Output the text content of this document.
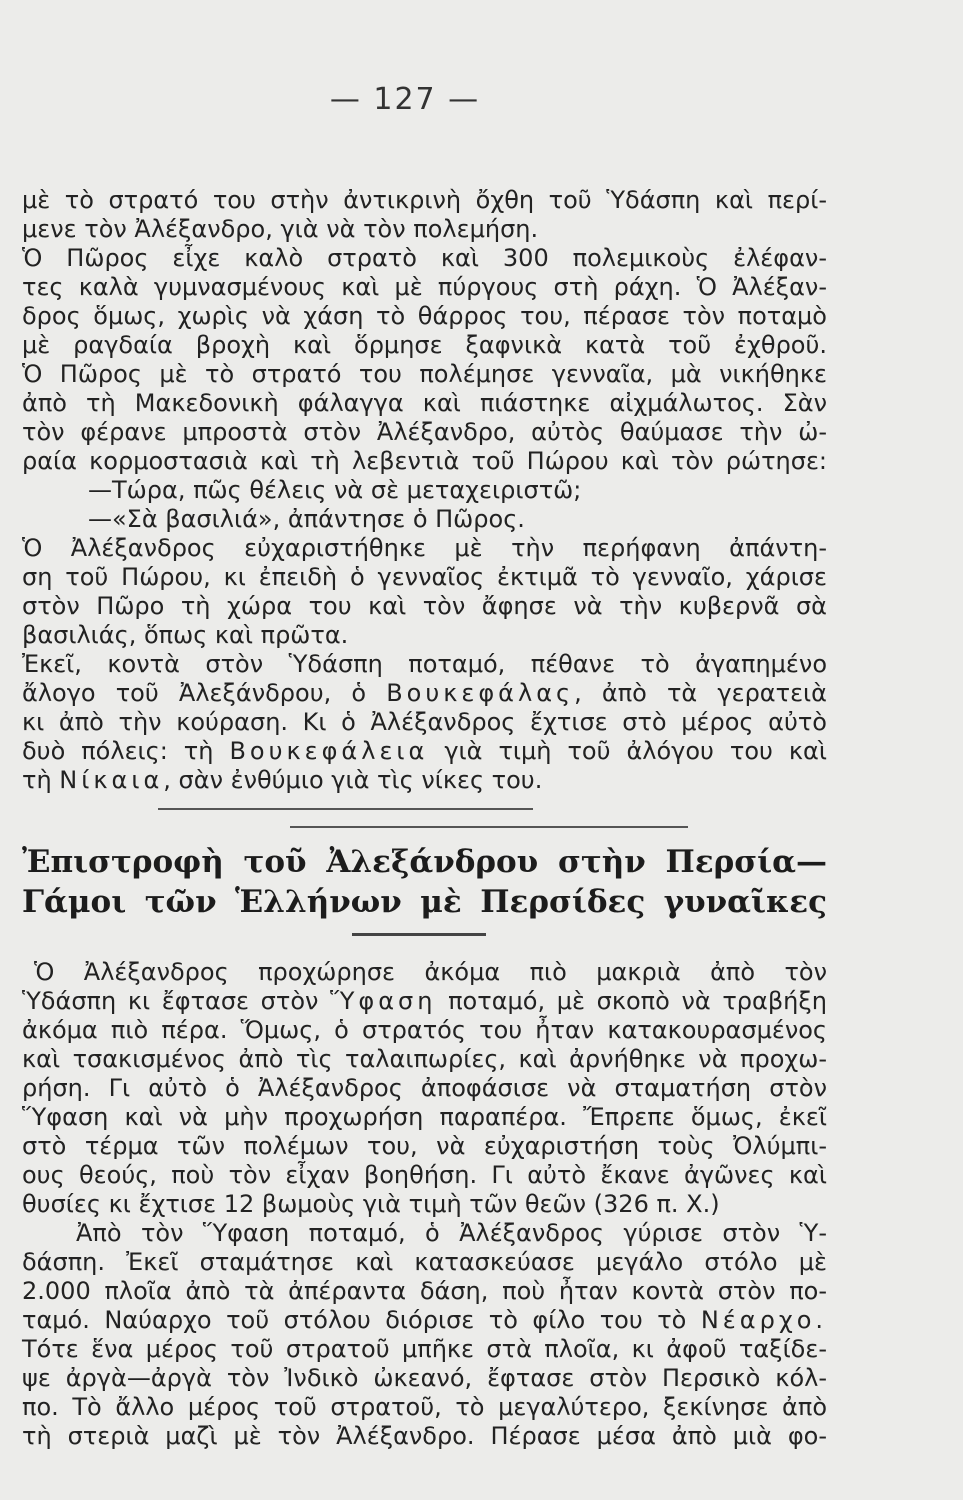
— 127 —
μὲ τὸ στρατό του στὴν ἀντικρινὴ ὄχθη τοῦ Ὑδάσπη καὶ περί-
μενε τὸν Ἀλέξανδρο, γιὰ νὰ τὸν πολεμήση.
Ὁ Πῶρος εἶχε καλὸ στρατὸ καὶ 300 πολεμικοὺς ἐλέφαν-
τες καλὰ γυμνασμένους καὶ μὲ πύργους στὴ ράχη. Ὁ Ἀλέξαν-
δρος ὅμως, χωρὶς νὰ χάση τὸ θάρρος του, πέρασε τὸν ποταμὸ
μὲ ραγδαία βροχὴ καὶ ὅρμησε ξαφνικὰ κατὰ τοῦ ἐχθροῦ.
Ὁ Πῶρος μὲ τὸ στρατό του πολέμησε γενναῖα, μὰ νικήθηκε
ἀπὸ τὴ Μακεδονικὴ φάλαγγα καὶ πιάστηκε αἰχμάλωτος. Σὰν
τὸν φέρανε μπροστὰ στὸν Ἀλέξανδρο, αὐτὸς θαύμασε τὴν ὠ-
ραία κορμοστασιὰ καὶ τὴ λεβεντιὰ τοῦ Πώρου καὶ τὸν ρώτησε:
—Τώρα, πῶς θέλεις νὰ σὲ μεταχειριστῶ;
—«Σὰ βασιλιά», ἀπάντησε ὁ Πῶρος.
Ὁ Ἀλέξανδρος εὐχαριστήθηκε μὲ τὴν περήφανη ἀπάντη-
ση τοῦ Πώρου, κι ἐπειδὴ ὁ γενναῖος ἐκτιμᾶ τὸ γενναῖο, χάρισε
στὸν Πῶρο τὴ χώρα του καὶ τὸν ἄφησε νὰ τὴν κυβερνᾶ σὰ
βασιλιάς, ὅπως καὶ πρῶτα.
Ἐκεῖ, κοντὰ στὸν Ὑδάσπη ποταμό, πέθανε τὸ ἀγαπημένο
ἄλογο τοῦ Ἀλεξάνδρου, ὁ Βουκεφάλας, ἀπὸ τὰ γερατειὰ
κι ἀπὸ τὴν κούραση. Κι ὁ Ἀλέξανδρος ἔχτισε στὸ μέρος αὐτὸ
δυὸ πόλεις: τὴ Βουκεφάλεια γιὰ τιμὴ τοῦ ἀλόγου του καὶ
τὴ Νίκαια, σὰν ἐνθύμιο γιὰ τὶς νίκες του.
Ἐπιστροφὴ τοῦ Ἀλεξάνδρου στὴν Περσία—
Γάμοι τῶν Ἑλλήνων μὲ Περσίδες γυναῖκες
Ὁ Ἀλέξανδρος προχώρησε ἀκόμα πιὸ μακριὰ ἀπὸ τὸν
Ὑδάσπη κι ἔφτασε στὸν Ὕφαση ποταμό, μὲ σκοπὸ νὰ τραβήξη
ἀκόμα πιὸ πέρα. Ὅμως, ὁ στρατός του ἦταν κατακουρασμένος
καὶ τσακισμένος ἀπὸ τὶς ταλαιπωρίες, καὶ ἀρνήθηκε νὰ προχω-
ρήση. Γι αὐτὸ ὁ Ἀλέξανδρος ἀποφάσισε νὰ σταματήση στὸν
Ὕφαση καὶ νὰ μὴν προχωρήση παραπέρα. Ἔπρεπε ὅμως, ἐκεῖ
στὸ τέρμα τῶν πολέμων του, νὰ εὐχαριστήση τοὺς Ὀλύμπι-
ους θεούς, ποὺ τὸν εἶχαν βοηθήση. Γι αὐτὸ ἔκανε ἀγῶνες καὶ
θυσίες κι ἔχτισε 12 βωμοὺς γιὰ τιμὴ τῶν θεῶν (326 π. Χ.)
Ἀπὸ τὸν Ὕφαση ποταμό, ὁ Ἀλέξανδρος γύρισε στὸν Ὑ-
δάσπη. Ἐκεῖ σταμάτησε καὶ κατασκεύασε μεγάλο στόλο μὲ
2.000 πλοῖα ἀπὸ τὰ ἀπέραντα δάση, ποὺ ἦταν κοντὰ στὸν πο-
ταμό. Ναύαρχο τοῦ στόλου διόρισε τὸ φίλο του τὸ Νέαρχο.
Τότε ἕνα μέρος τοῦ στρατοῦ μπῆκε στὰ πλοῖα, κι ἀφοῦ ταξίδε-
ψε ἀργὰ—ἀργὰ τὸν Ἰνδικὸ ὠκεανό, ἔφτασε στὸν Περσικὸ κόλ-
πο. Τὸ ἄλλο μέρος τοῦ στρατοῦ, τὸ μεγαλύτερο, ξεκίνησε ἀπὸ
τὴ στεριὰ μαζὶ μὲ τὸν Ἀλέξανδρο. Πέρασε μέσα ἀπὸ μιὰ φο-
